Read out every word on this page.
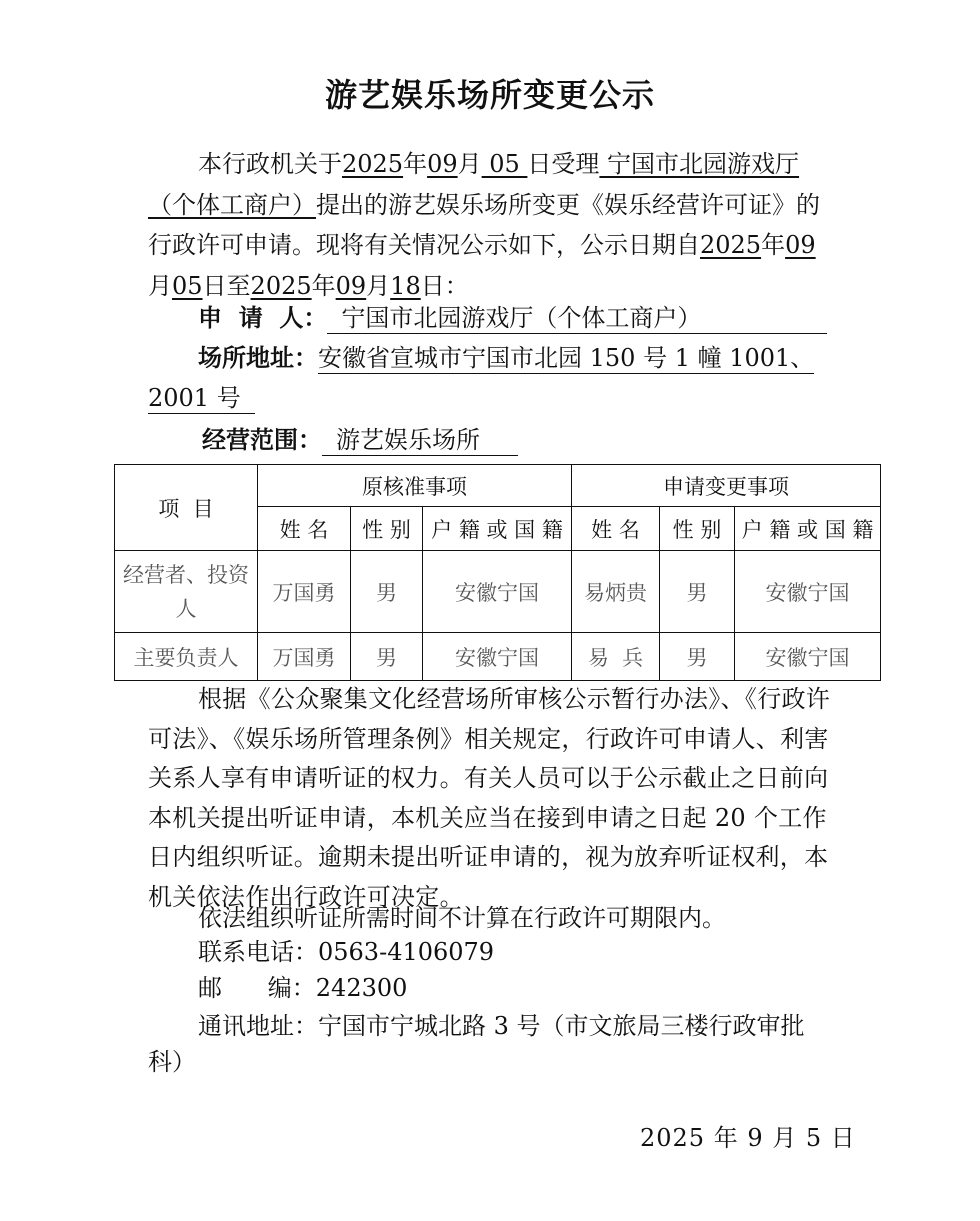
游艺娱乐场所变更公示
本行政机关于2025年09月 05 日受理 宁国市北园游戏厅（个体工商户）提出的游艺娱乐场所变更《娱乐经营许可证》的行政许可申请。现将有关情况公示如下，公示日期自2025年09月05日至2025年09月18日：
申  请  人： 宁国市北园游戏厅（个体工商户）
场所地址：安徽省宣城市宁国市北园 150 号 1 幢 1001、
2001 号
经营范围： 游艺娱乐场所
项  目	原核准事项			申请变更事项		
	姓 名	性 别	户 籍 或 国 籍	姓 名	性 别	户 籍 或 国 籍
经营者、投资人	万国勇	男	安徽宁国	易炳贵	男	安徽宁国
主要负责人	万国勇	男	安徽宁国	易  兵	男	安徽宁国
根据《公众聚集文化经营场所审核公示暂行办法》、《行政许可法》、《娱乐场所管理条例》相关规定，行政许可申请人、利害关系人享有申请听证的权力。有关人员可以于公示截止之日前向本机关提出听证申请，本机关应当在接到申请之日起 20 个工作日内组织听证。逾期未提出听证申请的，视为放弃听证权利，本机关依法作出行政许可决定。
依法组织听证所需时间不计算在行政许可期限内。
联系电话：0563-4106079
邮      编：242300
通讯地址：宁国市宁城北路 3 号（市文旅局三楼行政审批科）
2025 年 9 月 5 日
